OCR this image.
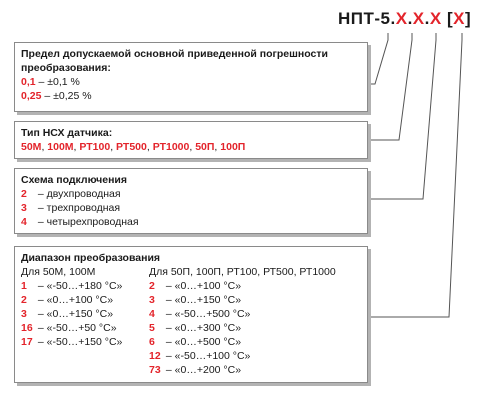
НПТ-5.X.X.X [X]
Предел допускаемой основной приведенной погрешности
преобразования:
0,1 – ±0,1 %
0,25 – ±0,25 %
Тип НСХ датчика:
50М, 100М, РТ100, РТ500, РТ1000, 50П, 100П
Схема подключения
2 – двухпроводная
3 – трехпроводная
4 – четырехпроводная
Диапазон преобразования
Для 50М, 100М
1 – «-50…+180 °С»
2 – «0…+100 °С»
3 – «0…+150 °С»
16 – «-50…+50 °С»
17 – «-50…+150 °С»
Для 50П, 100П, РТ100, РТ500, РТ1000
2 – «0…+100 °С»
3 – «0…+150 °С»
4 – «-50…+500 °С»
5 – «0…+300 °С»
6 – «0…+500 °С»
12 – «-50…+100 °С»
73 – «0…+200 °С»
